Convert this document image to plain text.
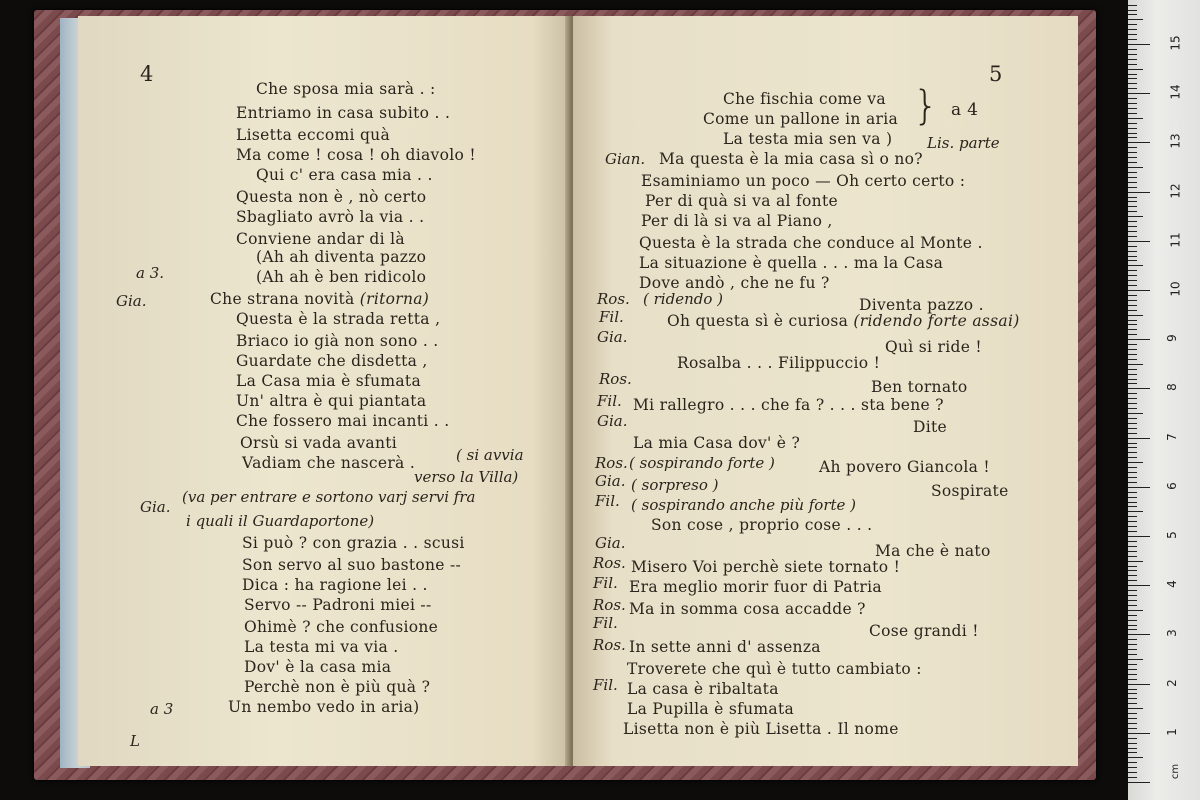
4
Che sposa mia sarà . :
Entriamo in casa subito . .
Lisetta eccomi quà
Ma come ! cosa ! oh diavolo !
Qui c' era casa mia . .
Questa non è , nò certo
Sbagliato avrò la via . .
Conviene andar di là
(Ah ah diventa pazzo
(Ah ah è ben ridicolo
Che strana novità (ritorna)
Questa è la strada retta ,
Briaco io già non sono . .
Guardate che disdetta ,
La Casa mia è sfumata
Un' altra è qui piantata
Che fossero mai incanti . .
Orsù si vada avanti
Vadiam che nascerà .
Si può ? con grazia . . scusi
Son servo al suo bastone --
Dica : ha ragione lei . .
Servo -- Padroni miei --
Ohimè ? che confusione
La testa mi va via .
Dov' è la casa mia
Perchè non è più quà ?
Un nembo vedo in aria)
( si avvia
verso la Villa)
(va per entrare e sortono varj servi fra
i quali il Guardaportone)
a 3.
Gia.
Gia.
a 3
L
5
} a 4
Che fischia come va
Come un pallone in aria
La testa mia sen va )
Ma questa è la mia casa sì o no?
Esaminiamo un poco — Oh certo certo :
Per di quà si va al fonte
Per di là si va al Piano ,
Questa è la strada che conduce al Monte .
La situazione è quella . . . ma la Casa
Dove andò , che ne fu ?
Diventa pazzo .
Oh questa sì è curiosa (ridendo forte assai)
Quì si ride !
Rosalba . . . Filippuccio !
Ben tornato
Mi rallegro . . . che fa ? . . . sta bene ?
Dite
La mia Casa dov' è ?
Ah povero Giancola !
Sospirate
Son cose , proprio cose . . .
Ma che è nato
Misero Voi perchè siete tornato !
Era meglio morir fuor di Patria
Ma in somma cosa accadde ?
Cose grandi !
In sette anni d' assenza
Troverete che quì è tutto cambiato :
La casa è ribaltata
La Pupilla è sfumata
Lisetta non è più Lisetta . Il nome
( ridendo )
( sospirando forte )
( sorpreso )
( sospirando anche più forte )
Lis. parte
Gian.
Ros.
Fil.
Gia.
Ros.
Fil.
Gia.
Ros.
Gia.
Fil.
Gia.
Ros.
Fil.
Ros.
Fil.
Ros.
Fil.
1
2
3
4
5
6
7
8
9
10
11
12
13
14
15
cm
